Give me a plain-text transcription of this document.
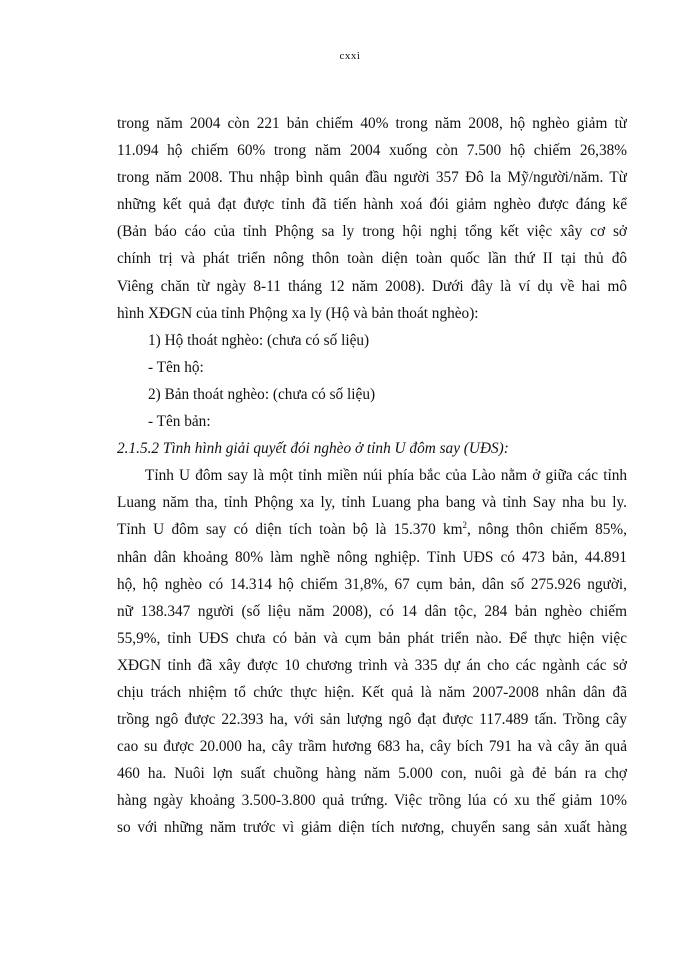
cxxi
trong năm 2004 còn 221 bản chiếm 40% trong năm 2008, hộ nghèo giảm từ
11.094 hộ chiếm 60% trong năm 2004 xuống còn 7.500 hộ chiếm 26,38%
trong năm 2008. Thu nhập bình quân đầu người 357 Đô la Mỹ/người/năm. Từ
những kết quả đạt được tỉnh đã tiến hành xoá đói giảm nghèo được đáng kể
(Bản báo cáo của tỉnh Phộng sa ly trong hội nghị tổng kết việc xây cơ sở
chính trị và phát triển nông thôn toàn diện toàn quốc lần thứ II tại thủ đô
Viêng chăn từ ngày 8-11 tháng 12 năm 2008). Dưới đây là ví dụ về hai mô
hình XĐGN của tỉnh Phộng xa ly (Hộ và bản thoát nghèo):
1) Hộ thoát nghèo: (chưa có số liệu)
- Tên hộ:
2) Bản thoát nghèo: (chưa có số liệu)
- Tên bản:
2.1.5.2 Tình hình giải quyết đói nghèo ở tỉnh U đôm say (UĐS):
Tỉnh U đôm say là một tỉnh miền núi phía bắc của Lào nằm ở giữa các tỉnh
Luang năm tha, tỉnh Phộng xa ly, tỉnh Luang pha bang và tỉnh Say nha bu ly.
Tỉnh U đôm say có diện tích toàn bộ là 15.370 $km^2$, nông thôn chiếm 85%,
nhân dân khoảng 80% làm nghề nông nghiệp. Tỉnh UĐS có 473 bản, 44.891
hộ, hộ nghèo có 14.314 hộ chiếm 31,8%, 67 cụm bản, dân số 275.926 người,
nữ 138.347 người (số liệu năm 2008), có 14 dân tộc, 284 bản nghèo chiếm
55,9%, tỉnh UĐS chưa có bản và cụm bản phát triển nào. Để thực hiện việc
XĐGN tỉnh đã xây được 10 chương trình và 335 dự án cho các ngành các sở
chịu trách nhiệm tổ chức thực hiện. Kết quả là năm 2007-2008 nhân dân đã
trồng ngô được 22.393 ha, với sản lượng ngô đạt được 117.489 tấn. Trồng cây
cao su được 20.000 ha, cây trầm hương 683 ha, cây bích 791 ha và cây ăn quả
460 ha. Nuôi lợn suất chuồng hàng năm 5.000 con, nuôi gà đẻ bán ra chợ
hàng ngày khoảng 3.500-3.800 quả trứng. Việc trồng lúa có xu thế giảm 10%
so với những năm trước vì giảm diện tích nương, chuyển sang sản xuất hàng
